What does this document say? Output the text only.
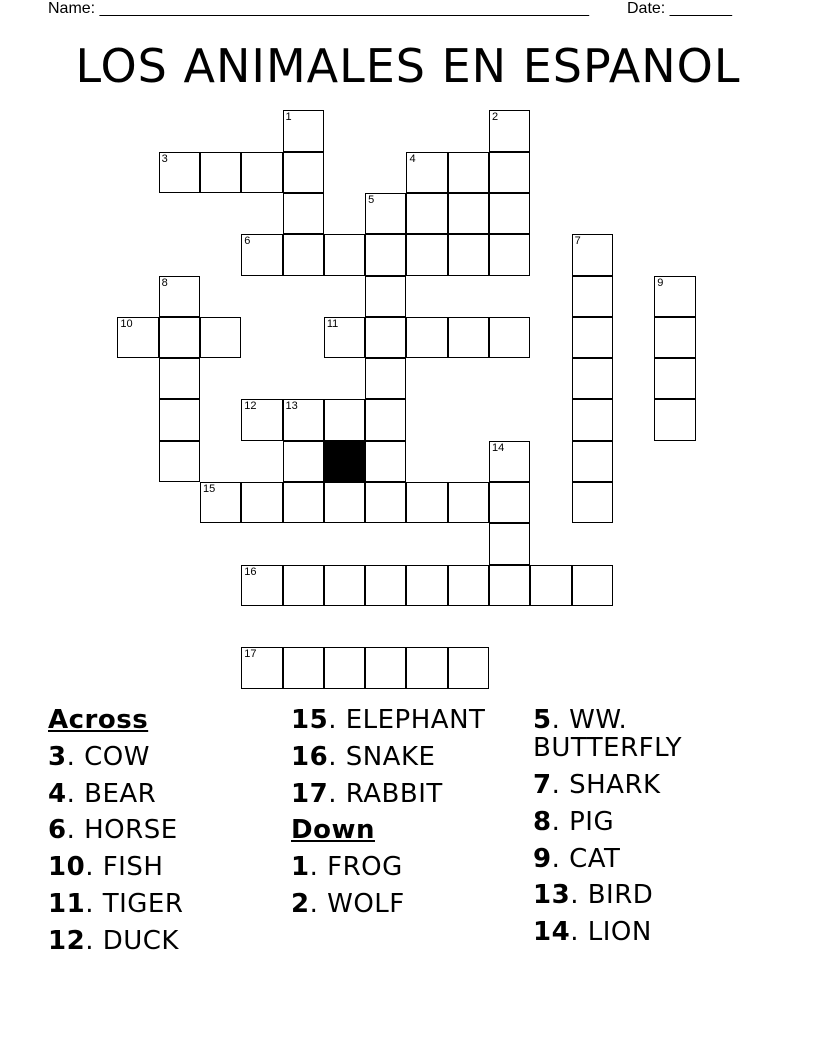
Name: _______________________________________________________ Date: _______
LOS ANIMALES EN ESPANOL
1	2
3	4
5
6	7
8	9
10	11
12	13
14
15
16
17
Across
3. COW
4. BEAR
6. HORSE
10. FISH
11. TIGER
12. DUCK
15. ELEPHANT
16. SNAKE
17. RABBIT
Down
1. FROG
2. WOLF
5. WW. BUTTERFLY
7. SHARK
8. PIG
9. CAT
13. BIRD
14. LION
